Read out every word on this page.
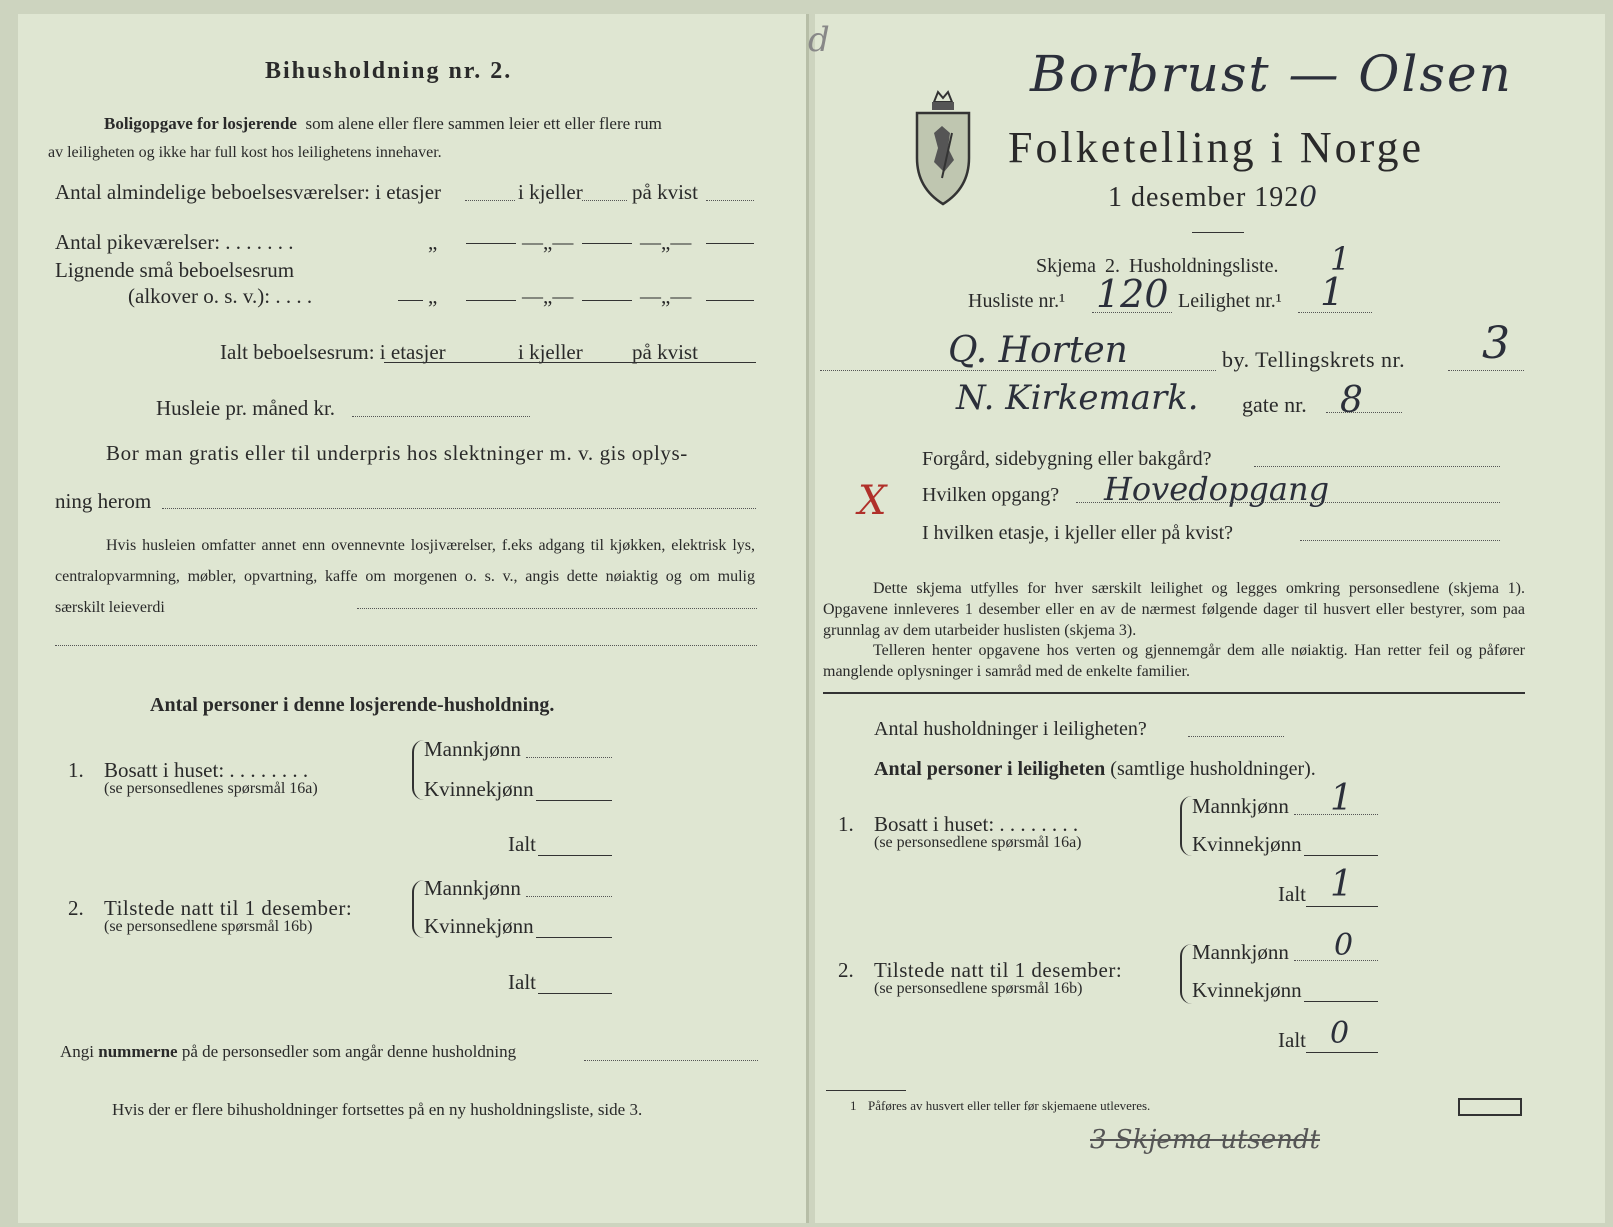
Bihusholdning nr. 2.
Boligopgave for losjerende som alene eller flere sammen leier ett eller flere rum
av leiligheten og ikke har full kost hos leilighetens innehaver.
Antal almindelige beboelsesværelser: i etasjer	i kjeller på kvist
Antal pikeværelser: . . . . . . .	„	—„—	—„—
Lignende små beboelsesrum
(alkover o. s. v.): . . . .	„	—„—	—„—
Ialt beboelsesrum: i etasjer	i kjeller på kvist
Husleie pr. måned kr.
Bor man gratis eller til underpris hos slektninger m. v. gis oplys-
ning herom
Hvis husleien omfatter annet enn ovennevnte losjiværelser, f.eks adgang til kjøkken, elektrisk lys, centralopvarmning, møbler, opvartning, kaffe om morgenen o. s. v., angis dette nøiaktig og om mulig særskilt leieverdi
Antal personer i denne losjerende-husholdning.
1. Bosatt i huset: . . . . . . . .
(se personsedlenes spørsmål 16a)
Mannkjønn
Kvinnekjønn
Ialt
2. Tilstede natt til 1 desember:
(se personsedlene spørsmål 16b)
Mannkjønn
Kvinnekjønn
Ialt
Angi nummerne på de personsedler som angår denne husholdning
Hvis der er flere bihusholdninger fortsettes på en ny husholdningsliste, side 3.
d
Borbrust — Olsen
Folketelling i Norge
1 desember 1920
Skjema 2. Husholdningsliste. 1
Husliste nr.¹ 120 Leilighet nr.¹ 1
Q. Horten	by. Tellingskrets nr. 3
N. Kirkemark. gate nr. 8
Forgård, sidebygning eller bakgård?
X Hvilken opgang? Hovedopgang
I hvilken etasje, i kjeller eller på kvist?
Dette skjema utfylles for hver særskilt leilighet og legges omkring personsedlene (skjema 1). Opgavene innleveres 1 desember eller en av de nærmest følgende dager til husvert eller bestyrer, som paa grunnlag av dem utarbeider huslisten (skjema 3).
Telleren henter opgavene hos verten og gjennemgår dem alle nøiaktig. Han retter feil og påfører manglende oplysninger i samråd med de enkelte familier.
Antal husholdninger i leiligheten?
Antal personer i leiligheten (samtlige husholdninger).
1. Bosatt i huset: . . . . . . . .
(se personsedlene spørsmål 16a)
Mannkjønn 1
Kvinnekjønn
Ialt 1
2. Tilstede natt til 1 desember:
(se personsedlene spørsmål 16b)
Mannkjønn 0
Kvinnekjønn
Ialt 0
1 Påføres av husvert eller teller før skjemaene utleveres.
3 Skjema utsendt
